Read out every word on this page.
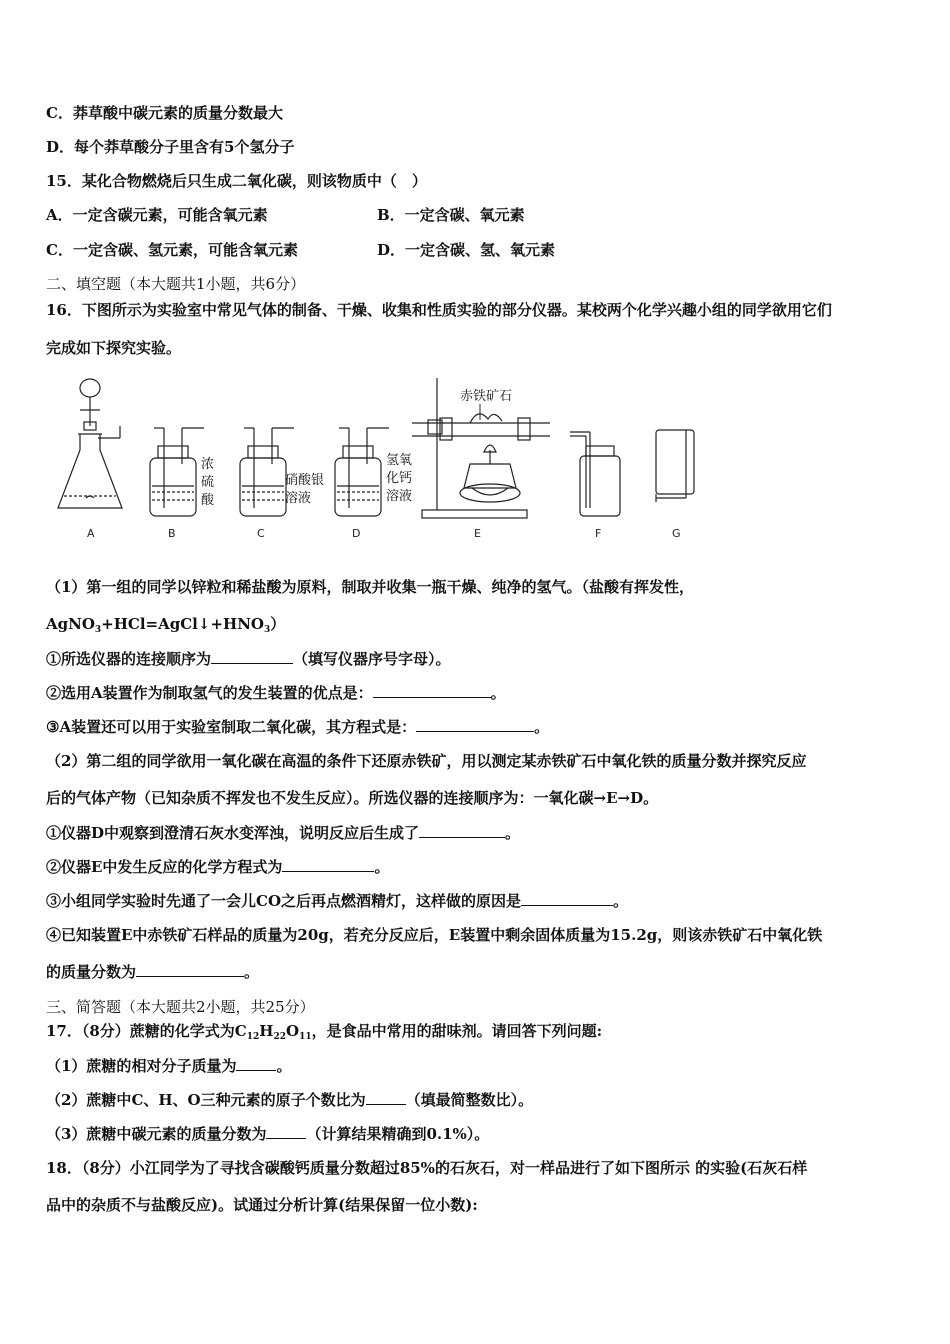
C．莽草酸中碳元素的质量分数最大
D．每个莽草酸分子里含有5个氢分子
15．某化合物燃烧后只生成二氧化碳，则该物质中（　）
A．一定含碳元素，可能含氧元素	B．一定含碳、氧元素
C．一定含碳、氢元素，可能含氧元素	D．一定含碳、氢、氧元素
二、填空题（本大题共1小题，共6分）
16．下图所示为实验室中常见气体的制备、干燥、收集和性质实验的部分仪器。某校两个化学兴趣小组的同学欲用它们
完成如下探究实验。
A	B	C	D	E
浓
硫
酸
硝酸银
溶液
氢氧
化钙
溶液
赤铁矿石
F	G
（1）第一组的同学以锌粒和稀盐酸为原料，制取并收集一瓶干燥、纯净的氢气。（盐酸有挥发性，
$AgNO_3+HCl=AgCl↓+HNO_3$）
①所选仪器的连接顺序为	（填写仪器序号字母）。
②选用A装置作为制取氢气的发生装置的优点是：	。
③A装置还可以用于实验室制取二氧化碳，其方程式是：	。
（2）第二组的同学欲用一氧化碳在高温的条件下还原赤铁矿，用以测定某赤铁矿石中氧化铁的质量分数并探究反应
后的气体产物（已知杂质不挥发也不发生反应）。所选仪器的连接顺序为：一氧化碳→E→D。
①仪器D中观察到澄清石灰水变浑浊，说明反应后生成了	。
②仪器E中发生反应的化学方程式为	。
③小组同学实验时先通了一会儿CO之后再点燃酒精灯，这样做的原因是	。
④已知装置E中赤铁矿石样品的质量为20g，若充分反应后，E装置中剩余固体质量为15.2g，则该赤铁矿石中氧化铁
的质量分数为	。
三、简答题（本大题共2小题，共25分）
17．（8分）蔗糖的化学式为$C_{12}H_{22}O_{11}$，是食品中常用的甜味剂。请回答下列问题:
（1）蔗糖的相对分子质量为	。
（2）蔗糖中C、H、O三种元素的原子个数比为	（填最简整数比）。
（3）蔗糖中碳元素的质量分数为	（计算结果精确到0.1%）。
18．（8分）小江同学为了寻找含碳酸钙质量分数超过85%的石灰石，对一样品进行了如下图所示 的实验(石灰石样
品中的杂质不与盐酸反应)。试通过分析计算(结果保留一位小数):
